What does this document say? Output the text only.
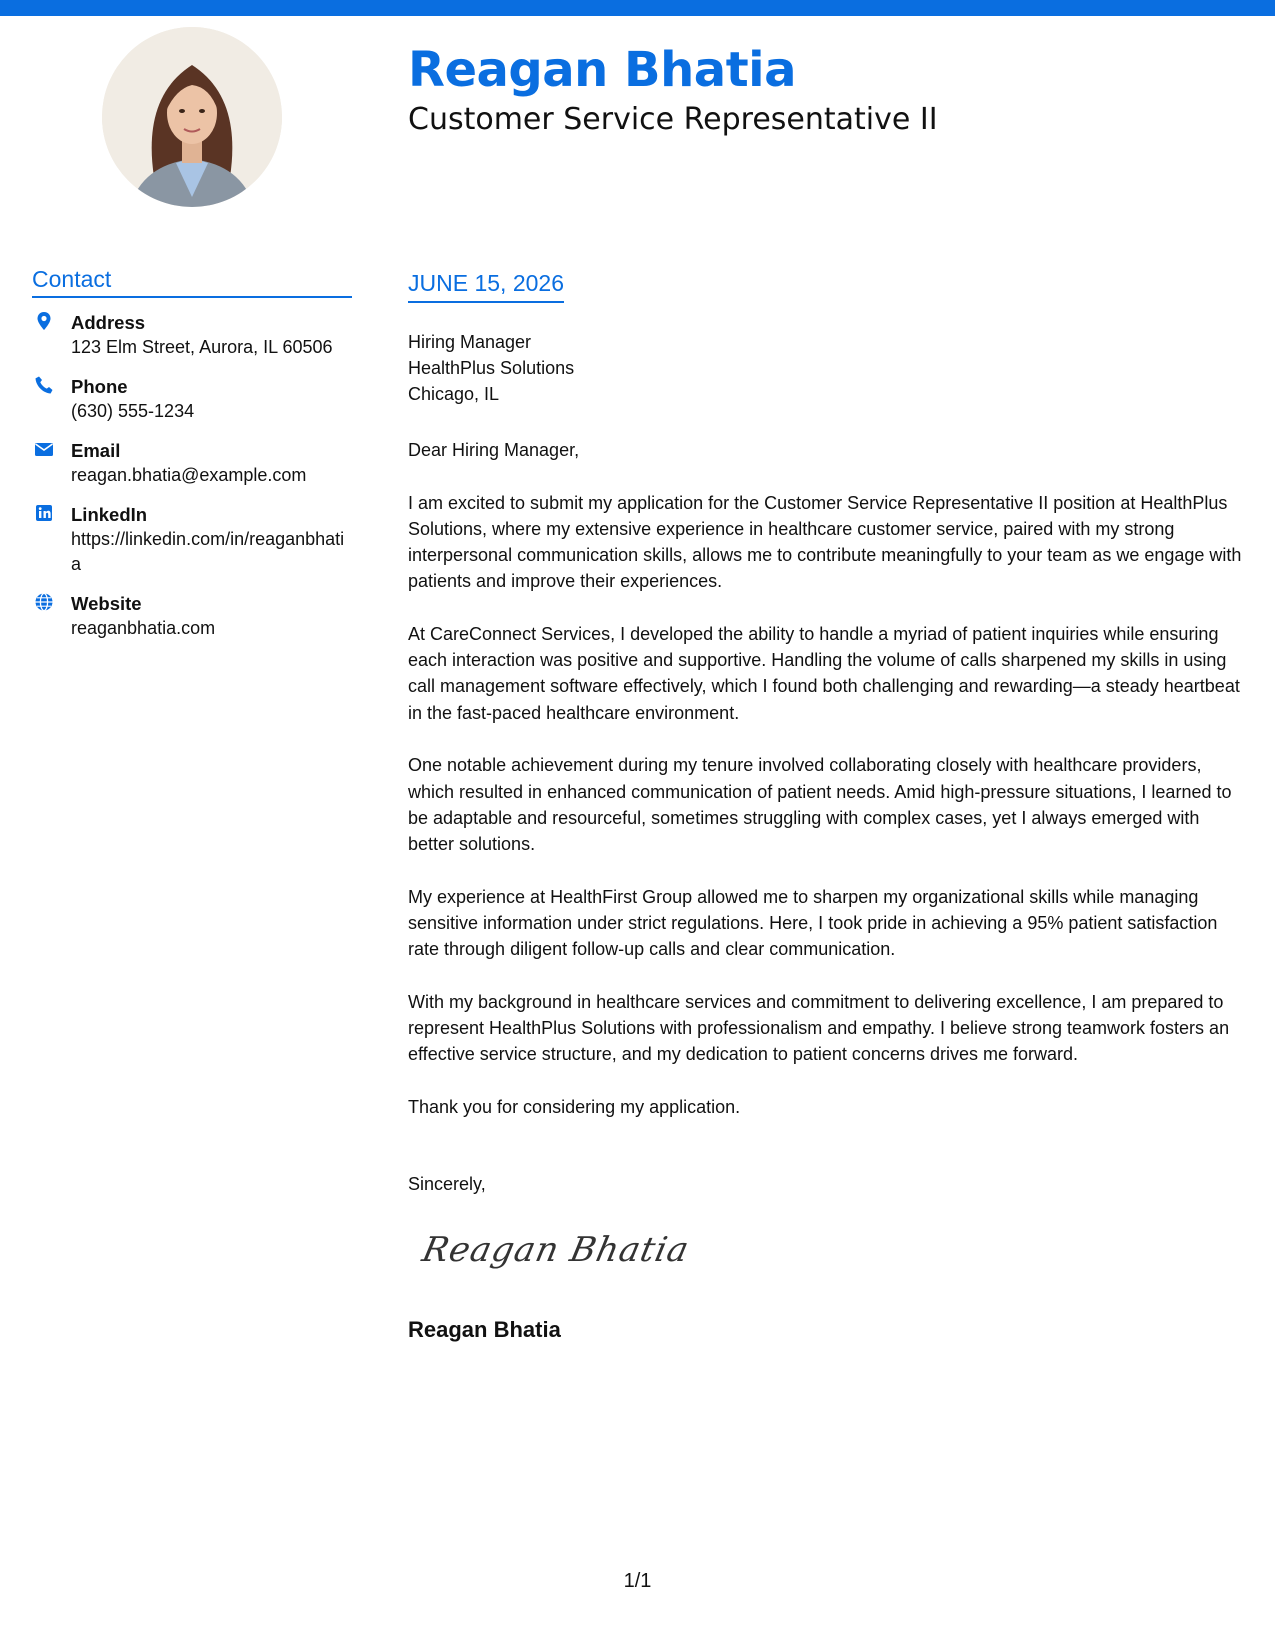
Reagan Bhatia
Customer Service Representative II
Contact
Address
123 Elm Street, Aurora, IL 60506
Phone
(630) 555-1234
Email
reagan.bhatia@example.com
LinkedIn
https://linkedin.com/in/reaganbhatia
Website
reaganbhatia.com
JUNE 15, 2026
Hiring Manager
HealthPlus Solutions
Chicago, IL

Dear Hiring Manager,

I am excited to submit my application for the Customer Service Representative II position at HealthPlus Solutions, where my extensive experience in healthcare customer service, paired with my strong interpersonal communication skills, allows me to contribute meaningfully to your team as we engage with patients and improve their experiences.

At CareConnect Services, I developed the ability to handle a myriad of patient inquiries while ensuring each interaction was positive and supportive. Handling the volume of calls sharpened my skills in using call management software effectively, which I found both challenging and rewarding—a steady heartbeat in the fast-paced healthcare environment.

One notable achievement during my tenure involved collaborating closely with healthcare providers, which resulted in enhanced communication of patient needs. Amid high-pressure situations, I learned to be adaptable and resourceful, sometimes struggling with complex cases, yet I always emerged with better solutions.

My experience at HealthFirst Group allowed me to sharpen my organizational skills while managing sensitive information under strict regulations. Here, I took pride in achieving a 95% patient satisfaction rate through diligent follow-up calls and clear communication.

With my background in healthcare services and commitment to delivering excellence, I am prepared to represent HealthPlus Solutions with professionalism and empathy. I believe strong teamwork fosters an effective service structure, and my dedication to patient concerns drives me forward.

Thank you for considering my application.

Sincerely,
Reagan Bhatia
Reagan Bhatia
1/1
